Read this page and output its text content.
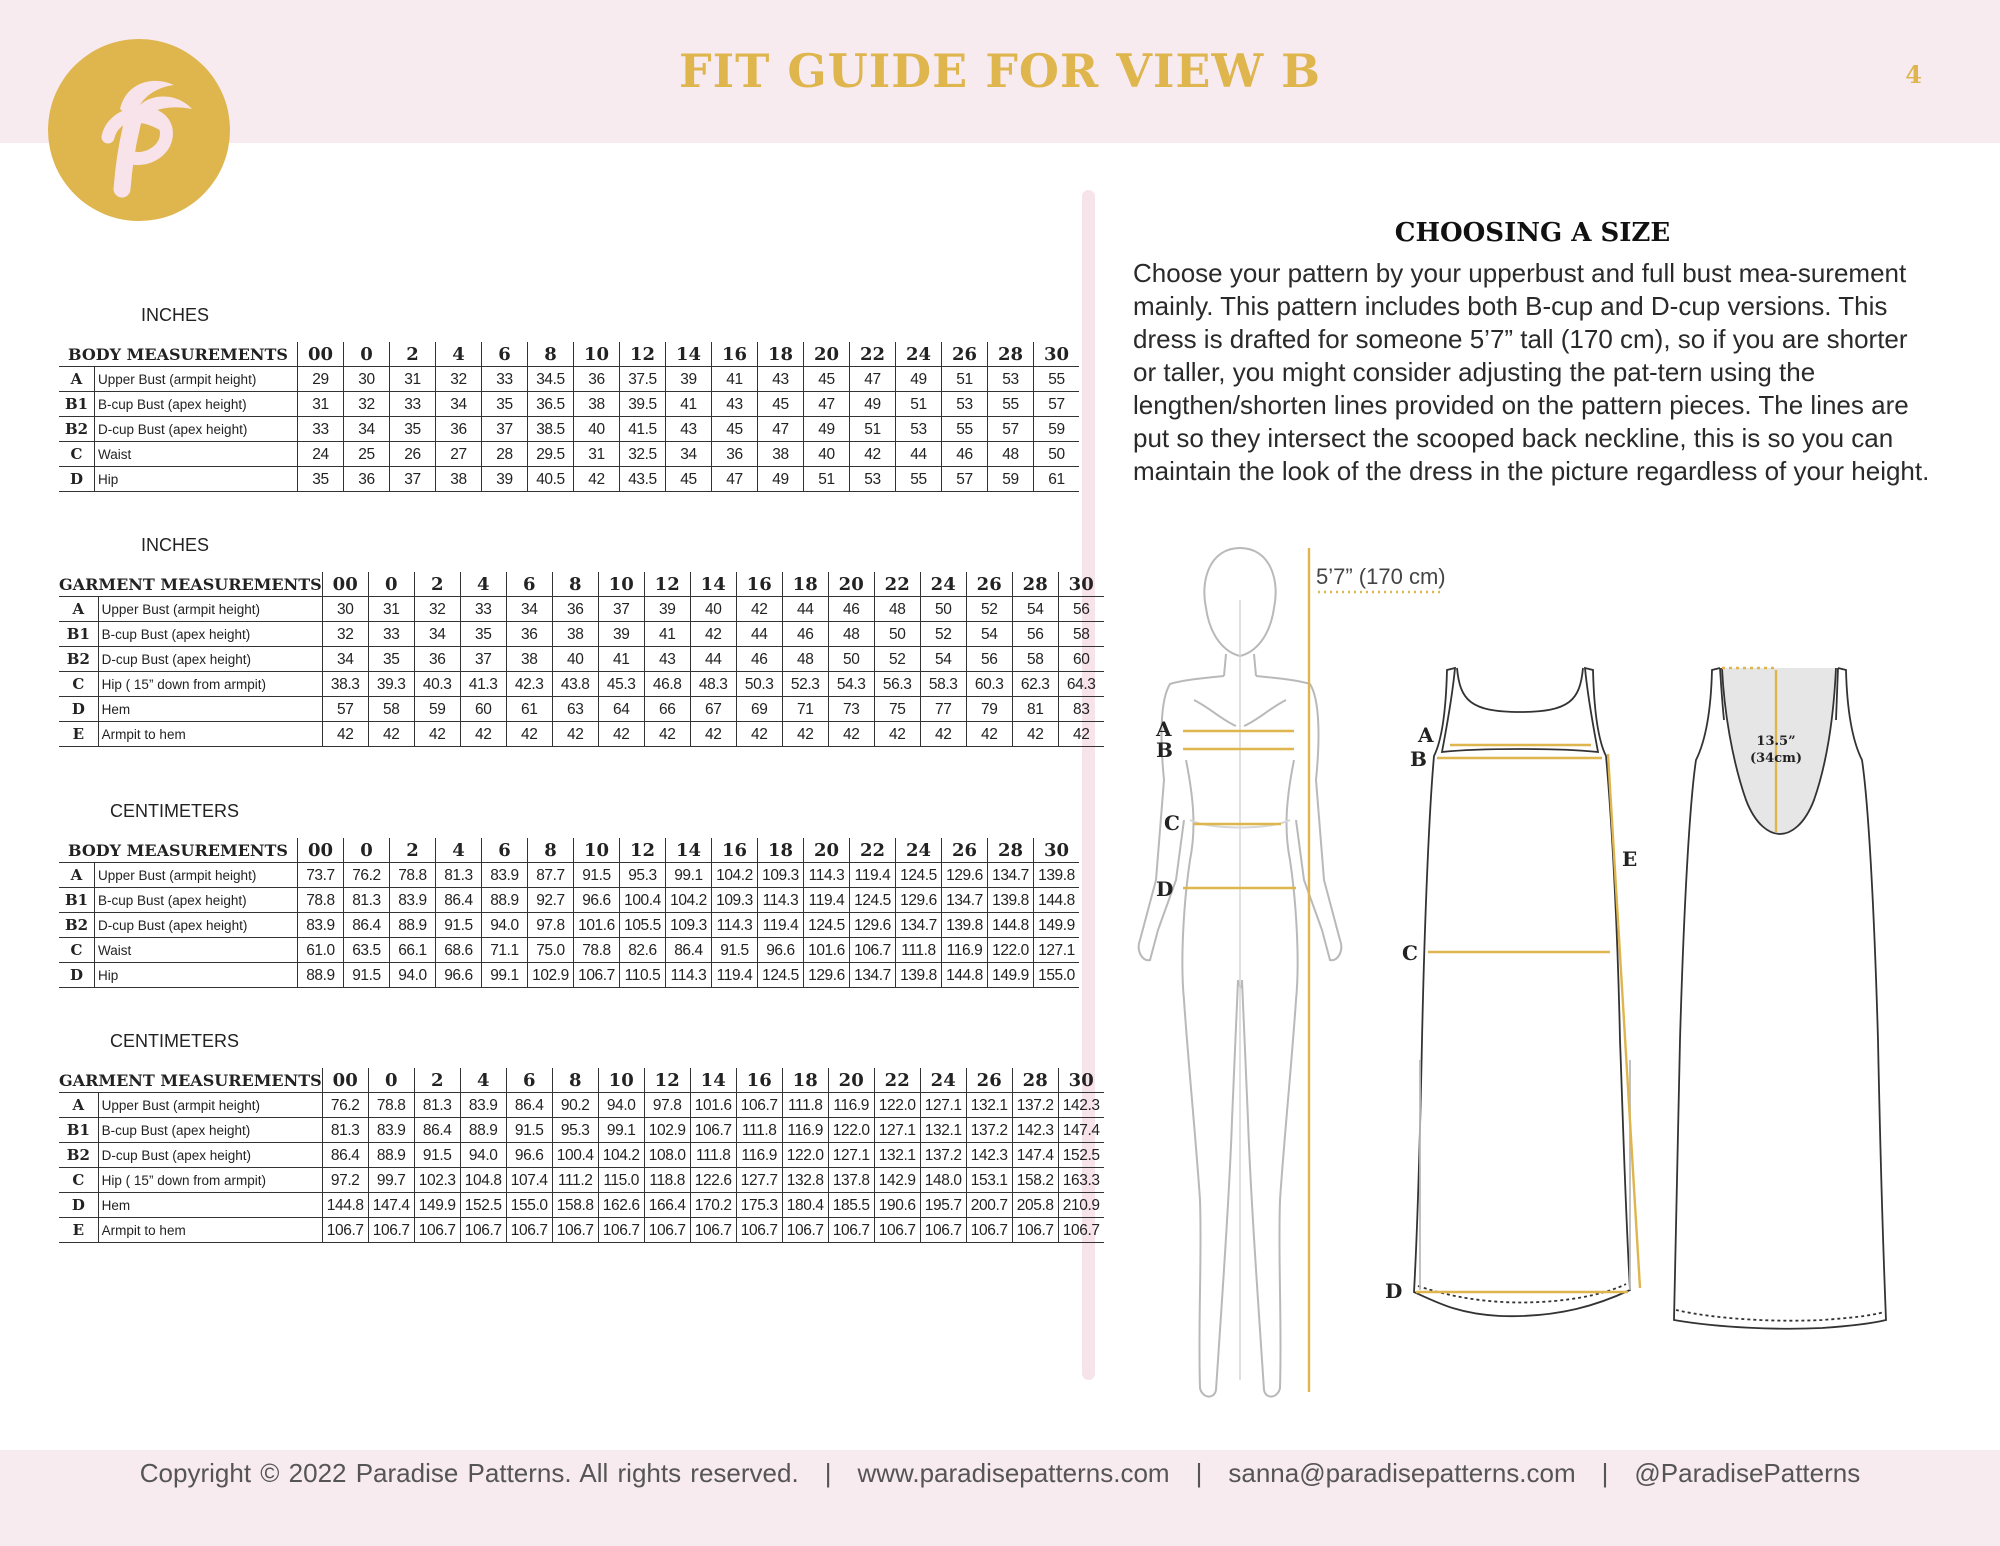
FIT GUIDE FOR VIEW B	4
INCHES
INCHES
CENTIMETERS
CENTIMETERS
BODY MEASUREMENTS		00	0	2	4	6	8	10	12	14	16	18	20	22	24	26	28	30
A	Upper Bust (armpit height)	29	30	31	32	33	34.5	36	37.5	39	41	43	45	47	49	51	53	55
B1	B-cup Bust (apex height)	31	32	33	34	35	36.5	38	39.5	41	43	45	47	49	51	53	55	57
B2	D-cup Bust (apex height)	33	34	35	36	37	38.5	40	41.5	43	45	47	49	51	53	55	57	59
C	Waist	24	25	26	27	28	29.5	31	32.5	34	36	38	40	42	44	46	48	50
D	Hip	35	36	37	38	39	40.5	42	43.5	45	47	49	51	53	55	57	59	61
GARMENT MEASUREMENTS		00	0	2	4	6	8	10	12	14	16	18	20	22	24	26	28	30
A	Upper Bust (armpit height)	30	31	32	33	34	36	37	39	40	42	44	46	48	50	52	54	56
B1	B-cup Bust (apex height)	32	33	34	35	36	38	39	41	42	44	46	48	50	52	54	56	58
B2	D-cup Bust (apex height)	34	35	36	37	38	40	41	43	44	46	48	50	52	54	56	58	60
C	Hip ( 15” down from armpit)	38.3	39.3	40.3	41.3	42.3	43.8	45.3	46.8	48.3	50.3	52.3	54.3	56.3	58.3	60.3	62.3	64.3
D	Hem	57	58	59	60	61	63	64	66	67	69	71	73	75	77	79	81	83
E	Armpit to hem	42	42	42	42	42	42	42	42	42	42	42	42	42	42	42	42	42
BODY MEASUREMENTS		00	0	2	4	6	8	10	12	14	16	18	20	22	24	26	28	30
A	Upper Bust (armpit height)	73.7	76.2	78.8	81.3	83.9	87.7	91.5	95.3	99.1	104.2	109.3	114.3	119.4	124.5	129.6	134.7	139.8
B1	B-cup Bust (apex height)	78.8	81.3	83.9	86.4	88.9	92.7	96.6	100.4	104.2	109.3	114.3	119.4	124.5	129.6	134.7	139.8	144.8
B2	D-cup Bust (apex height)	83.9	86.4	88.9	91.5	94.0	97.8	101.6	105.5	109.3	114.3	119.4	124.5	129.6	134.7	139.8	144.8	149.9
C	Waist	61.0	63.5	66.1	68.6	71.1	75.0	78.8	82.6	86.4	91.5	96.6	101.6	106.7	111.8	116.9	122.0	127.1
D	Hip	88.9	91.5	94.0	96.6	99.1	102.9	106.7	110.5	114.3	119.4	124.5	129.6	134.7	139.8	144.8	149.9	155.0
GARMENT MEASUREMENTS		00	0	2	4	6	8	10	12	14	16	18	20	22	24	26	28	30
A	Upper Bust (armpit height)	76.2	78.8	81.3	83.9	86.4	90.2	94.0	97.8	101.6	106.7	111.8	116.9	122.0	127.1	132.1	137.2	142.3
B1	B-cup Bust (apex height)	81.3	83.9	86.4	88.9	91.5	95.3	99.1	102.9	106.7	111.8	116.9	122.0	127.1	132.1	137.2	142.3	147.4
B2	D-cup Bust (apex height)	86.4	88.9	91.5	94.0	96.6	100.4	104.2	108.0	111.8	116.9	122.0	127.1	132.1	137.2	142.3	147.4	152.5
C	Hip ( 15” down from armpit)	97.2	99.7	102.3	104.8	107.4	111.2	115.0	118.8	122.6	127.7	132.8	137.8	142.9	148.0	153.1	158.2	163.3
D	Hem	144.8	147.4	149.9	152.5	155.0	158.8	162.6	166.4	170.2	175.3	180.4	185.5	190.6	195.7	200.7	205.8	210.9
E	Armpit to hem	106.7	106.7	106.7	106.7	106.7	106.7	106.7	106.7	106.7	106.7	106.7	106.7	106.7	106.7	106.7	106.7	106.7
CHOOSING A SIZE
Choose your pattern by your upperbust and full bust mea-surement mainly. This pattern includes both B-cup and D-cup versions. This dress is drafted for someone 5’7” tall (170 cm), so if you are shorter or taller, you might consider adjusting the pat-tern using the lengthen/shorten lines provided on the pattern pieces. The lines are put so they intersect the scooped back neckline, this is so you can maintain the look of the dress in the picture regardless of your height.
5’7” (170 cm)
A
B
C
D
A
B
C
D
E
13.5”
(34cm)
Copyright © 2022 Paradise Patterns. All rights reserved. | www.paradisepatterns.com | sanna@paradisepatterns.com | @ParadisePatterns
